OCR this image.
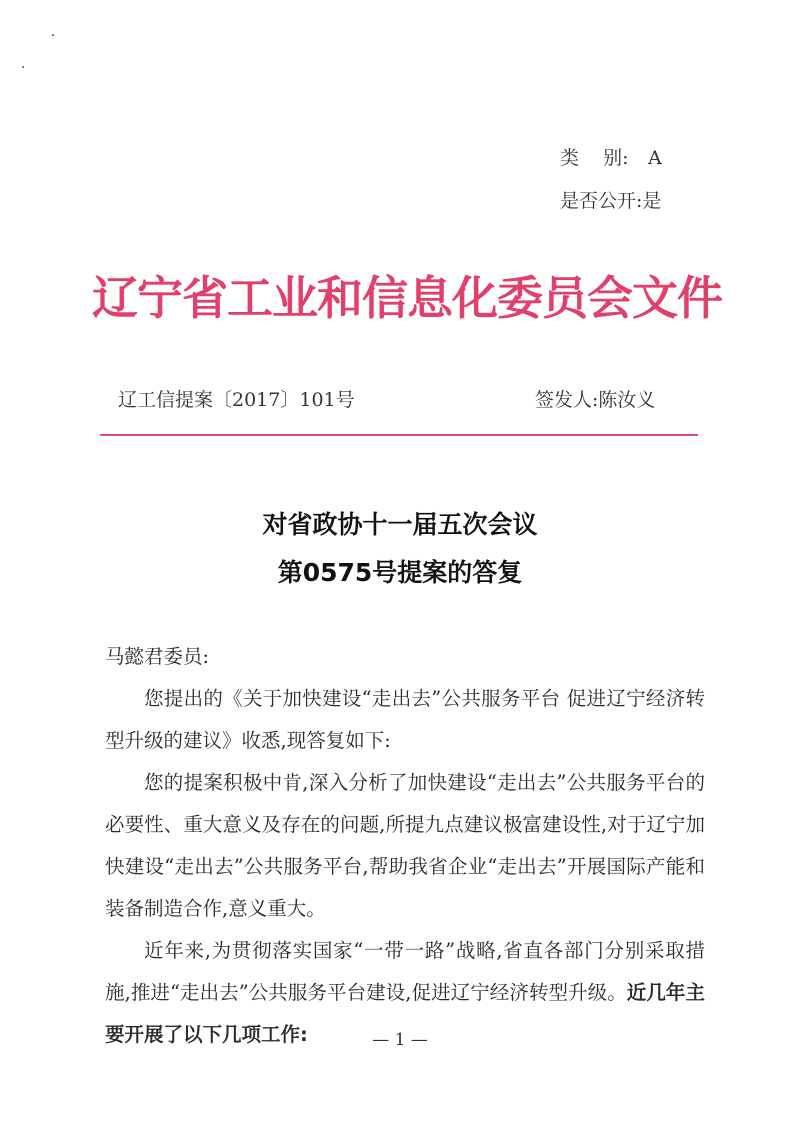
类    别: A
是否公开:是
辽宁省工业和信息化委员会文件
辽工信提案〔2017〕101号	签发人:陈汝义
对省政协十一届五次会议
第0575号提案的答复

马懿君委员:

您提出的《关于加快建设“走出去”公共服务平台 促进辽宁经济转型升级的建议》收悉,现答复如下:

您的提案积极中肯,深入分析了加快建设“走出去”公共服务平台的必要性、重大意义及存在的问题,所提九点建议极富建设性,对于辽宁加快建设“走出去”公共服务平台,帮助我省企业“走出去”开展国际产能和装备制造合作,意义重大。

近年来,为贯彻落实国家“一带一路”战略,省直各部门分别采取措施,推进“走出去”公共服务平台建设,促进辽宁经济转型升级。近几年主要开展了以下几项工作:	— 1 —
